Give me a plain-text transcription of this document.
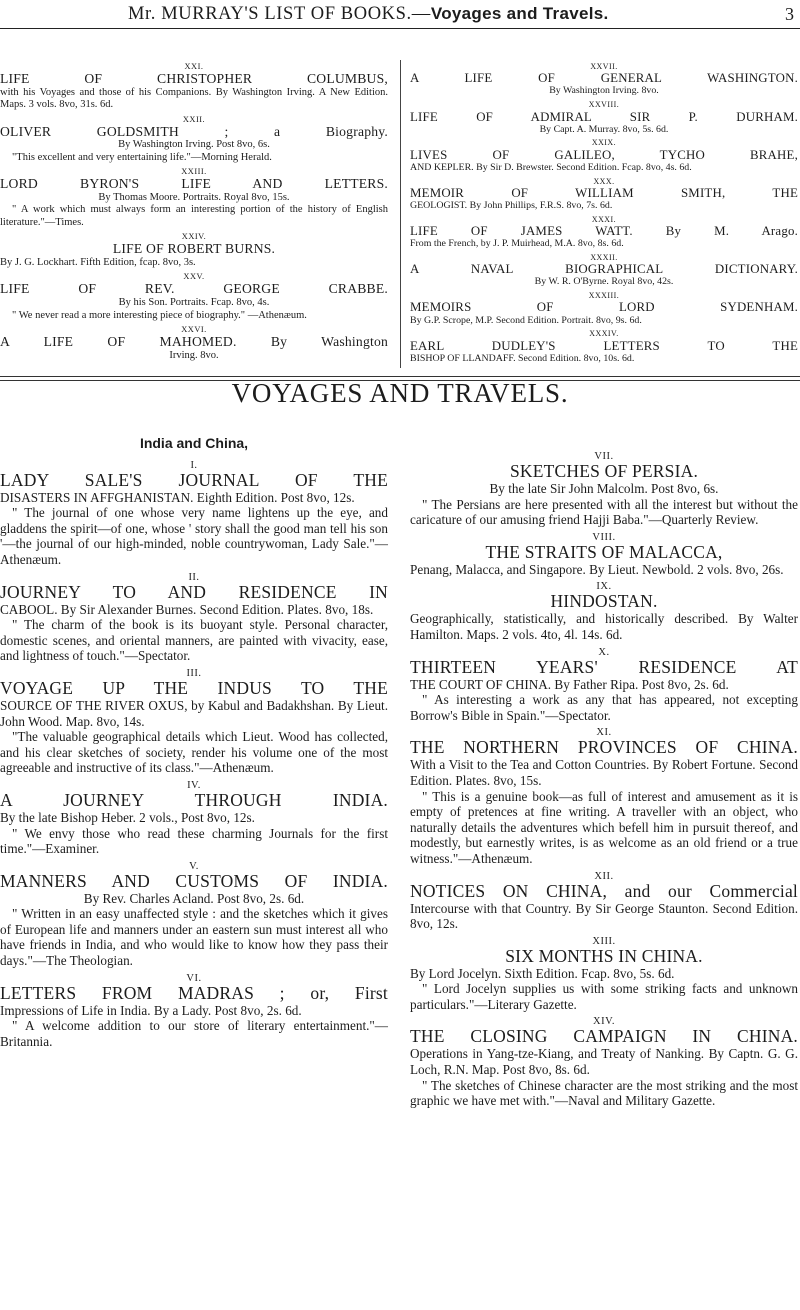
Mr. MURRAY'S LIST OF BOOKS.—Voyages and Travels.	3
XXI.
LIFE OF CHRISTOPHER COLUMBUS,
with his Voyages and those of his Companions. By Washington Irving. A New Edition. Maps. 3 vols. 8vo, 31s. 6d.
XXII.
OLIVER GOLDSMITH ; a Biography.
By Washington Irving. Post 8vo, 6s.
"This excellent and very entertaining life."—Morning Herald.
XXIII.
LORD BYRON'S LIFE AND LETTERS.
By Thomas Moore. Portraits. Royal 8vo, 15s.
" A work which must always form an interesting portion of the history of English literature."—Times.
XXIV.
LIFE OF ROBERT BURNS.
By J. G. Lockhart. Fifth Edition, fcap. 8vo, 3s.
XXV.
LIFE OF REV. GEORGE CRABBE.
By his Son. Portraits. Fcap. 8vo, 4s.
" We never read a more interesting piece of biography." —Athenæum.
XXVI.
A LIFE OF MAHOMED. By Washington
Irving. 8vo.
XXVII.
A LIFE OF GENERAL WASHINGTON.
By Washington Irving. 8vo.
XXVIII.
LIFE OF ADMIRAL SIR P. DURHAM.
By Capt. A. Murray. 8vo, 5s. 6d.
XXIX.
LIVES OF GALILEO, TYCHO BRAHE,
AND KEPLER. By Sir D. Brewster. Second Edition. Fcap. 8vo, 4s. 6d.
XXX.
MEMOIR OF WILLIAM SMITH, THE
GEOLOGIST. By John Phillips, F.R.S. 8vo, 7s. 6d.
XXXI.
LIFE OF JAMES WATT. By M. Arago.
From the French, by J. P. Muirhead, M.A. 8vo, 8s. 6d.
XXXII.
A NAVAL BIOGRAPHICAL DICTIONARY.
By W. R. O'Byrne. Royal 8vo, 42s.
XXXIII.
MEMOIRS OF LORD SYDENHAM.
By G.P. Scrope, M.P. Second Edition. Portrait. 8vo, 9s. 6d.
XXXIV.
EARL DUDLEY'S LETTERS TO THE
BISHOP OF LLANDAFF. Second Edition. 8vo, 10s. 6d.
VOYAGES AND TRAVELS.
India and China,
I.
LADY SALE'S JOURNAL OF THE
DISASTERS IN AFFGHANISTAN. Eighth Edition. Post 8vo, 12s.
" The journal of one whose very name lightens up the eye, and gladdens the spirit—of one, whose ' story shall the good man tell his son '—the journal of our high-minded, noble countrywoman, Lady Sale."—Athenæum.
II.
JOURNEY TO AND RESIDENCE IN
CABOOL. By Sir Alexander Burnes. Second Edition. Plates. 8vo, 18s.
" The charm of the book is its buoyant style. Personal character, domestic scenes, and oriental manners, are painted with vivacity, ease, and lightness of touch."—Spectator.
III.
VOYAGE UP THE INDUS TO THE
SOURCE OF THE RIVER OXUS, by Kabul and Badakhshan. By Lieut. John Wood. Map. 8vo, 14s.
"The valuable geographical details which Lieut. Wood has collected, and his clear sketches of society, render his volume one of the most agreeable and instructive of its class."—Athenæum.
IV.
A JOURNEY THROUGH INDIA.
By the late Bishop Heber. 2 vols., Post 8vo, 12s.
" We envy those who read these charming Journals for the first time."—Examiner.
V.
MANNERS AND CUSTOMS OF INDIA.
By Rev. Charles Acland. Post 8vo, 2s. 6d.
" Written in an easy unaffected style : and the sketches which it gives of European life and manners under an eastern sun must interest all who have friends in India, and who would like to know how they pass their days."—The Theologian.
VI.
LETTERS FROM MADRAS ; or, First
Impressions of Life in India. By a Lady. Post 8vo, 2s. 6d.
" A welcome addition to our store of literary entertainment."—Britannia.
VII.
SKETCHES OF PERSIA.
By the late Sir John Malcolm. Post 8vo, 6s.
" The Persians are here presented with all the interest but without the caricature of our amusing friend Hajji Baba."—Quarterly Review.
VIII.
THE STRAITS OF MALACCA,
Penang, Malacca, and Singapore. By Lieut. Newbold. 2 vols. 8vo, 26s.
IX.
HINDOSTAN.
Geographically, statistically, and historically described. By Walter Hamilton. Maps. 2 vols. 4to, 4l. 14s. 6d.
X.
THIRTEEN YEARS' RESIDENCE AT
THE COURT OF CHINA. By Father Ripa. Post 8vo, 2s. 6d.
" As interesting a work as any that has appeared, not excepting Borrow's Bible in Spain."—Spectator.
XI.
THE NORTHERN PROVINCES OF CHINA.
With a Visit to the Tea and Cotton Countries. By Robert Fortune. Second Edition. Plates. 8vo, 15s.
" This is a genuine book—as full of interest and amusement as it is empty of pretences at fine writing. A traveller with an object, who naturally details the adventures which befell him in pursuit thereof, and modestly, but earnestly writes, is as welcome as an old friend or a true witness."—Athenæum.
XII.
NOTICES ON CHINA, and our Commercial
Intercourse with that Country. By Sir George Staunton. Second Edition. 8vo, 12s.
XIII.
SIX MONTHS IN CHINA.
By Lord Jocelyn. Sixth Edition. Fcap. 8vo, 5s. 6d.
" Lord Jocelyn supplies us with some striking facts and unknown particulars."—Literary Gazette.
XIV.
THE CLOSING CAMPAIGN IN CHINA.
Operations in Yang-tze-Kiang, and Treaty of Nanking. By Captn. G. G. Loch, R.N. Map. Post 8vo, 8s. 6d.
" The sketches of Chinese character are the most striking and the most graphic we have met with."—Naval and Military Gazette.
